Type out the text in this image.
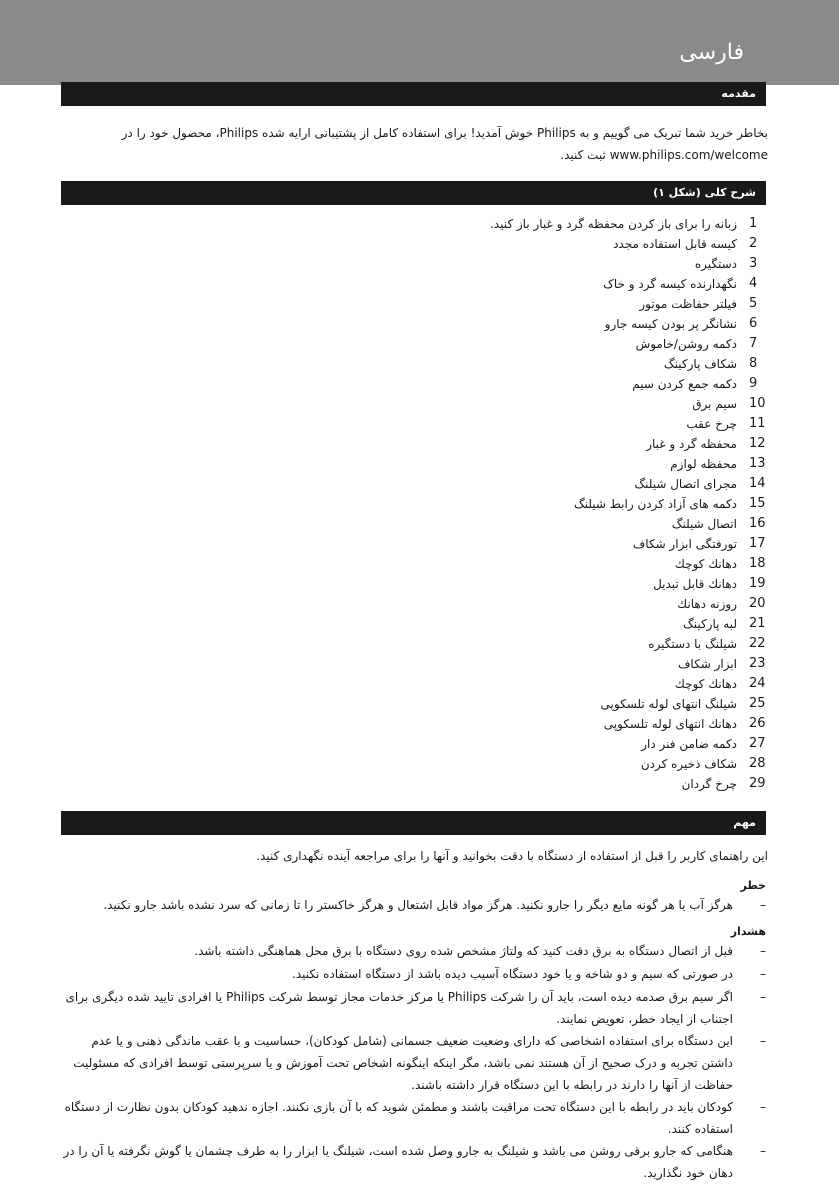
فارسی
مقدمه
بخاطر خرید شما تبریک می گوییم و به Philips خوش آمدید! برای استفاده کامل از پشتیبانی ارایه شده Philips، محصول خود را در www.philips.com/welcome ثبت کنید.
شرح کلی (شکل ۱)
1
زبانه را برای باز کردن محفظه گرد و غبار باز کنید.
2
کیسه قابل استفاده مجدد
3
دستگیره
4
نگهدارنده کیسه گرد و خاک
5
فیلتر حفاظت موتور
6
نشانگر پر بودن کیسه جارو
7
دکمه روشن/خاموش
8
شکاف پارکینگ
9
دکمه جمع کردن سیم
10
سیم برق
11
چرخ عقب
12
محفظه گرد و غبار
13
محفظه لوازم
14
مجرای اتصال شیلنگ
15
دکمه های آزاد کردن رابط شیلنگ
16
اتصال شیلنگ
17
تورفتگی ابزار شکاف
18
دهانك کوچك
19
دهانك قابل تبدیل
20
روزنه دهانك
21
لبه پارکینگ
22
شیلنگ با دستگیره
23
ابزار شکاف
24
دهانك کوچك
25
شیلنگ انتهای لوله تلسکوپی
26
دهانك انتهای لوله تلسکوپی
27
دکمه ضامن فنر دار
28
شکاف ذخیره کردن
29
چرخ گردان
مهم
این راهنمای کاربر را قبل از استفاده از دستگاه با دقت بخوانید و آنها را برای مراجعه آینده نگهداری کنید.
خطر
–
هرگز آب یا هر گونه مایع دیگر را جارو نکنید. هرگز مواد قابل اشتعال و هرگز خاکستر را تا زمانی که سرد نشده باشد جارو نکنید.
هشدار
–
قبل از اتصال دستگاه به برق دقت کنید که ولتاژ مشخص شده روی دستگاه با برق محل هماهنگی داشته باشد.
–
در صورتی که سیم و دو شاخه و یا خود دستگاه آسیب دیده باشد از دستگاه استفاده نکنید.
–
اگر سیم برق صدمه دیده است، باید آن را شرکت Philips یا مرکز خدمات مجاز توسط شرکت Philips یا افرادی تایید شده دیگری برای اجتناب از ایجاد خطر، تعویض نمایند.
–
این دستگاه برای استفاده اشخاصی که دارای وضعیت ضعیف جسمانی (شامل کودکان)، حساسیت و یا عقب ماندگی ذهنی و یا عدم داشتن تجربه و درک صحیح از آن هستند نمی باشد، مگر اینکه اینگونه اشخاص تحت آموزش و یا سرپرستی توسط افرادی که مسئولیت حفاظت از آنها را دارند در رابطه با این دستگاه قرار داشته باشند.
–
کودکان باید در رابطه با این دستگاه تحت مراقبت باشند و مطمئن شوید که با آن بازی نکنند. اجازه ندهید کودکان بدون نظارت از دستگاه استفاده کنند.
–
هنگامی که جارو برقی روشن می باشد و شیلنگ به جارو وصل شده است، شیلنگ یا ابزار را به طرف چشمان یا گوش نگرفته یا آن را در دهان خود نگذارید.
